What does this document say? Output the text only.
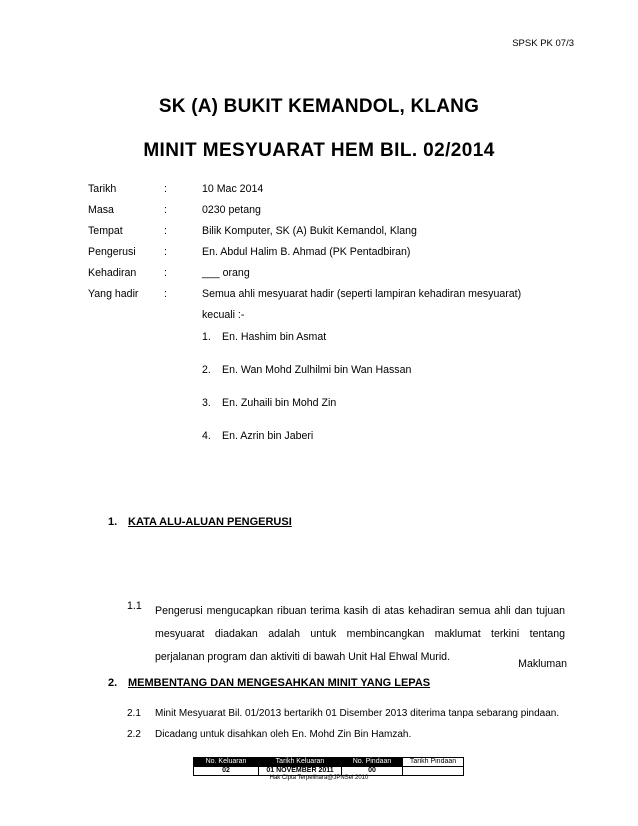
SPSK PK 07/3
SK (A) BUKIT KEMANDOL, KLANG
MINIT MESYUARAT HEM BIL. 02/2014
Tarikh	:	10 Mac 2014
Masa	:	0230 petang
Tempat	:	Bilik Komputer, SK (A) Bukit Kemandol, Klang
Pengerusi	:	En. Abdul Halim B. Ahmad (PK Pentadbiran)
Kehadiran	:	___ orang
Yang hadir :	Semua ahli mesyuarat hadir (seperti lampiran kehadiran mesyuarat)
kecuali :-
1. En. Hashim bin Asmat
2. En. Wan Mohd Zulhilmi bin Wan Hassan
3. En. Zuhaili bin Mohd Zin
4. En. Azrin bin Jaberi
1. KATA ALU-ALUAN PENGERUSI
1.1 Pengerusi mengucapkan ribuan terima kasih di atas kehadiran semua ahli dan tujuan mesyuarat diadakan adalah untuk membincangkan maklumat terkini tentang perjalanan program dan aktiviti di bawah Unit Hal Ehwal Murid.
Makluman
2. MEMBENTANG DAN MENGESAHKAN MINIT YANG LEPAS
2.1 Minit Mesyuarat Bil. 01/2013 bertarikh 01 Disember 2013 diterima tanpa sebarang pindaan.
2.2 Dicadang untuk disahkan oleh En. Mohd Zin Bin Hamzah.
No. Keluaran	Tarikh Keluaran	No. Pindaan	Tarikh Pindaan
02	01 NOVEMBER 2011	00	
Hak Cipta Terpelihara@JPNSel 2010
